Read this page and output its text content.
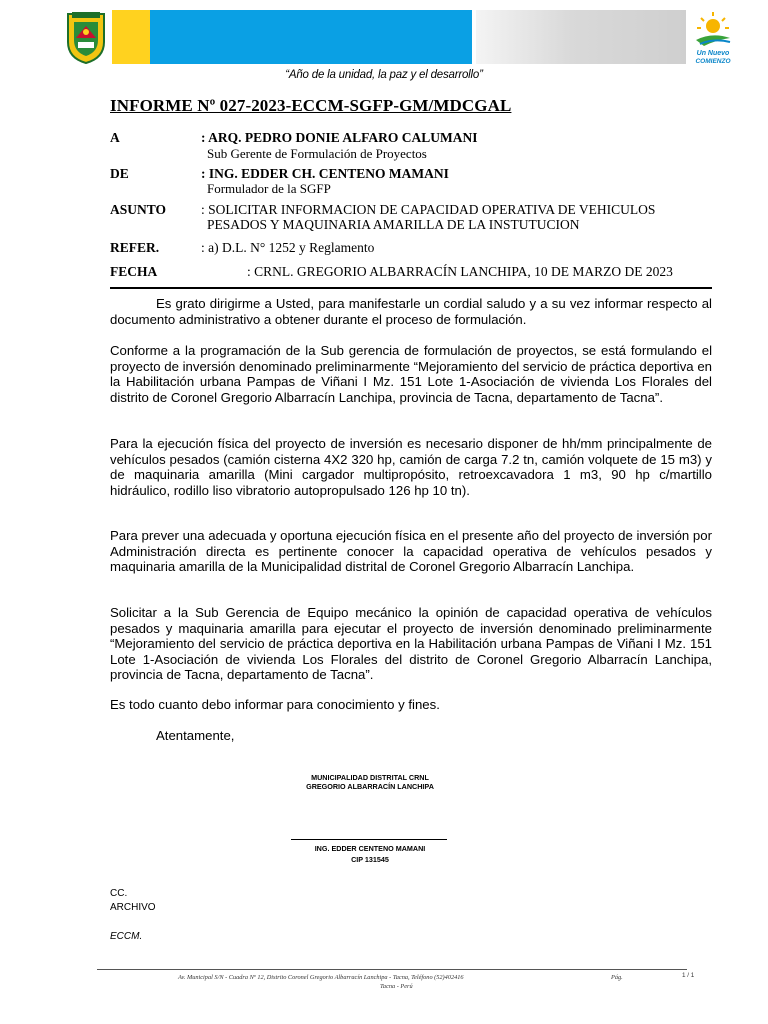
Un Nuevo
COMIENZO
“Año de la unidad, la paz y el desarrollo”
INFORME Nº 027-2023-ECCM-SGFP-GM/MDCGAL
A	: ARQ. PEDRO DONIE ALFARO CALUMANI
Sub Gerente de Formulación de Proyectos
DE	: ING. EDDER CH. CENTENO MAMANI
Formulador de la SGFP
ASUNTO	: SOLICITAR INFORMACION DE CAPACIDAD OPERATIVA DE VEHICULOS
PESADOS Y MAQUINARIA AMARILLA DE LA INSTUTUCION
REFER.	: a) D.L. N° 1252 y Reglamento
FECHA	: CRNL. GREGORIO ALBARRACÍN LANCHIPA, 10 DE MARZO DE 2023

Es grato dirigirme a Usted, para manifestarle un cordial saludo y a su vez informar respecto al documento administrativo a obtener durante el proceso de formulación.

Conforme a la programación de la Sub gerencia de formulación de proyectos, se está formulando el proyecto de inversión denominado preliminarmente “Mejoramiento del servicio de práctica deportiva en la Habilitación urbana Pampas de Viñani I Mz. 151 Lote 1-Asociación de vivienda Los Florales del distrito de Coronel Gregorio Albarracín Lanchipa, provincia de Tacna, departamento de Tacna”.

Para la ejecución física del proyecto de inversión es necesario disponer de hh/mm principalmente de vehículos pesados (camión cisterna 4X2 320 hp, camión de carga 7.2 tn, camión volquete de 15 m3) y de maquinaria amarilla (Mini cargador multipropósito, retroexcavadora 1 m3, 90 hp c/martillo hidráulico, rodillo liso vibratorio autopropulsado 126 hp 10 tn).

Para prever una adecuada y oportuna ejecución física en el presente año del proyecto de inversión por Administración directa es pertinente conocer la capacidad operativa de vehículos pesados y maquinaria amarilla de la Municipalidad distrital de Coronel Gregorio Albarracín Lanchipa.

Solicitar a la Sub Gerencia de Equipo mecánico la opinión de capacidad operativa de vehículos pesados y maquinaria amarilla para ejecutar el proyecto de inversión denominado preliminarmente “Mejoramiento del servicio de práctica deportiva en la Habilitación urbana Pampas de Viñani I Mz. 151 Lote 1-Asociación de vivienda Los Florales del distrito de Coronel Gregorio Albarracín Lanchipa, provincia de Tacna, departamento de Tacna”.

Es todo cuanto debo informar para conocimiento y fines.

Atentamente,
MUNICIPALIDAD DISTRITAL CRNL
GREGORIO ALBARRACÍN LANCHIPA
ING. EDDER CENTENO MAMANI
CIP 131545
CC.
ARCHIVO
ECCM.
Av. Municipal S/N - Cuadra Nº 12, Distrito Coronel Gregorio Albarracín Lanchipa - Tacna, Teléfono (52)402416	Pág.
Tacna - Perú
1 / 1
